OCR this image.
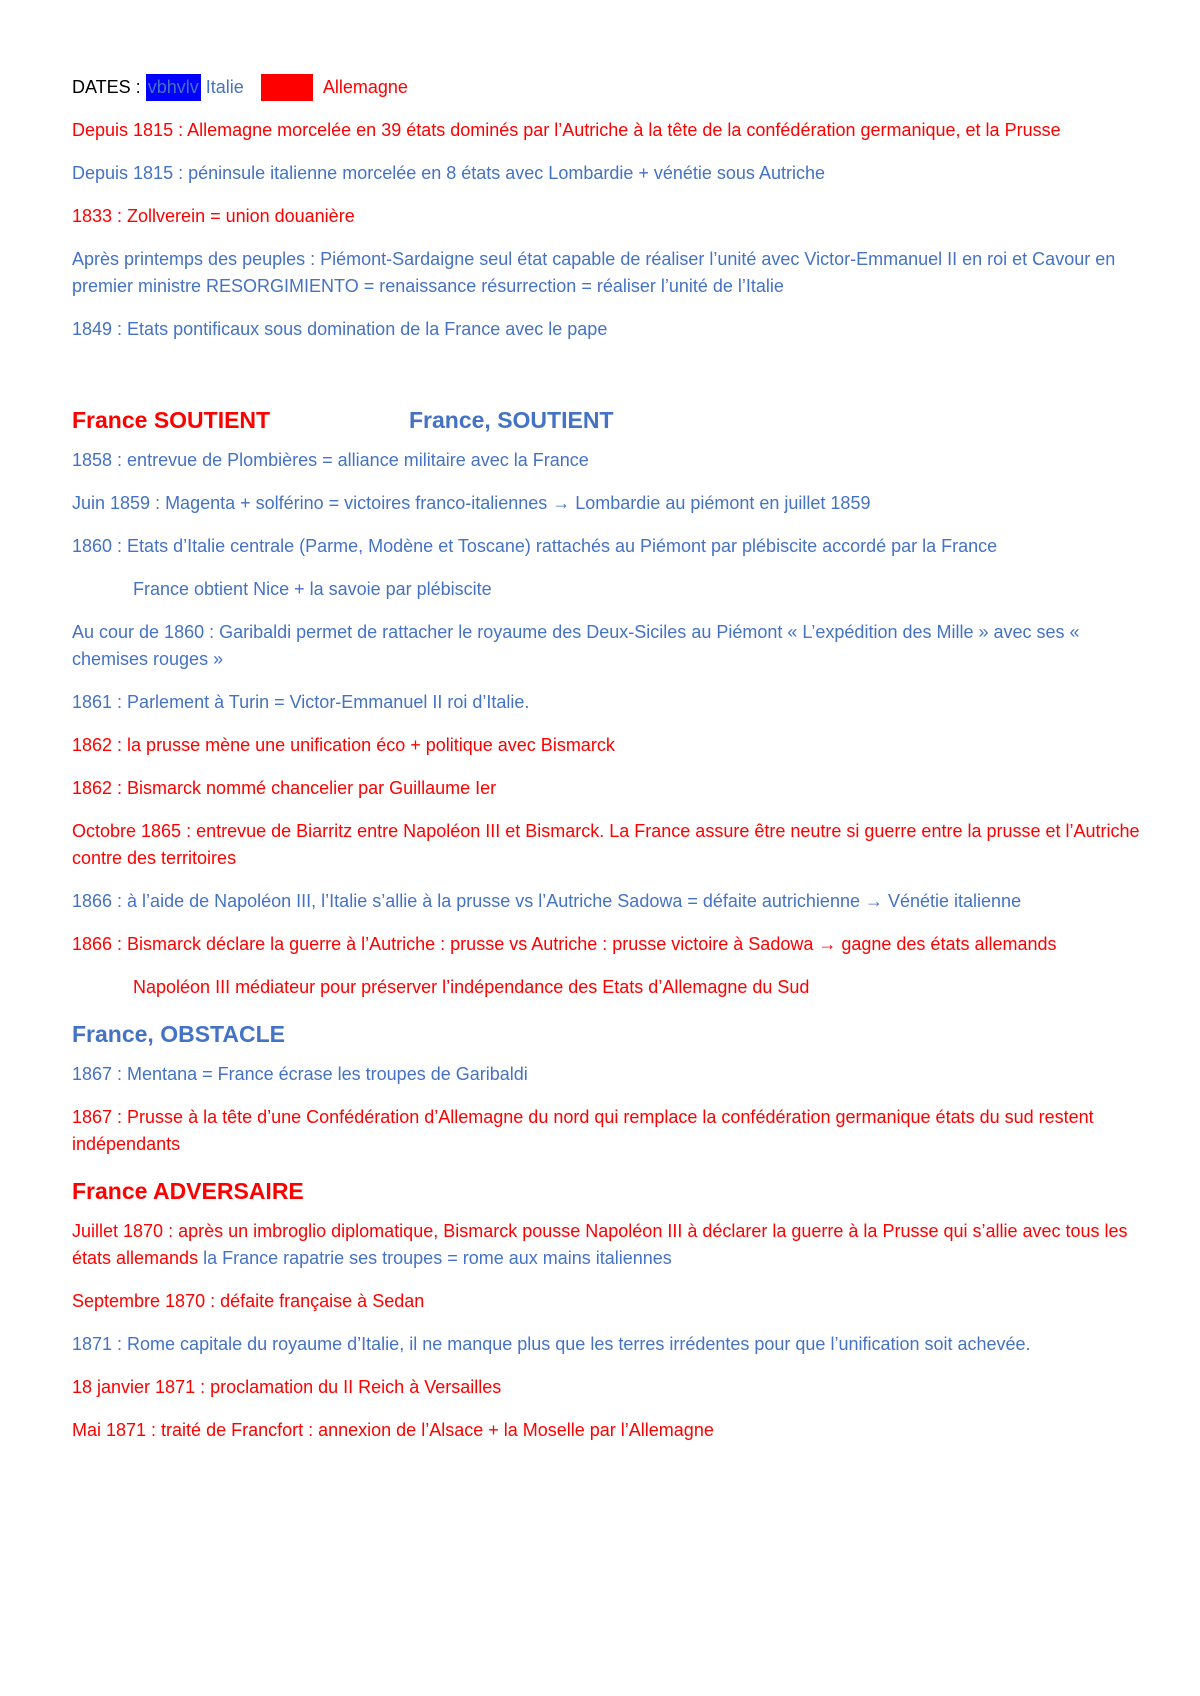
DATES : vbhvlv Italie	Allemagne

Depuis 1815 : Allemagne morcelée en 39 états dominés par l’Autriche à la tête de la confédération germanique, et la Prusse

Depuis 1815 : péninsule italienne morcelée en 8 états avec Lombardie + vénétie sous Autriche

1833 : Zollverein = union douanière

Après printemps des peuples : Piémont-Sardaigne seul état capable de réaliser l’unité avec Victor-Emmanuel II en roi et Cavour en premier ministre RESORGIMIENTO = renaissance résurrection = réaliser l’unité de l’Italie

1849 : Etats pontificaux sous domination de la France avec le pape

France SOUTIENT	France, SOUTIENT

1858 : entrevue de Plombières = alliance militaire avec la France

Juin 1859 : Magenta + solférino = victoires franco-italiennes → Lombardie au piémont en juillet 1859

1860 : Etats d’Italie centrale (Parme, Modène et Toscane) rattachés au Piémont par plébiscite accordé par la France

France obtient Nice + la savoie par plébiscite

Au cour de 1860 : Garibaldi permet de rattacher le royaume des Deux-Siciles au Piémont « L’expédition des Mille » avec ses « chemises rouges »

1861 : Parlement à Turin = Victor-Emmanuel II roi d’Italie.

1862 : la prusse mène une unification éco + politique avec Bismarck

1862 : Bismarck nommé chancelier par Guillaume Ier

Octobre 1865 : entrevue de Biarritz entre Napoléon III et Bismarck. La France assure être neutre si guerre entre la prusse et l’Autriche contre des territoires

1866 : à l’aide de Napoléon III, l’Italie s’allie à la prusse vs l’Autriche Sadowa = défaite autrichienne → Vénétie italienne

1866 : Bismarck déclare la guerre à l’Autriche : prusse vs Autriche : prusse victoire à Sadowa → gagne des états allemands

Napoléon III médiateur pour préserver l’indépendance des Etats d’Allemagne du Sud

France, OBSTACLE

1867 : Mentana = France écrase les troupes de Garibaldi

1867 : Prusse à la tête d’une Confédération d’Allemagne du nord qui remplace la confédération germanique états du sud restent indépendants

France ADVERSAIRE

Juillet 1870 : après un imbroglio diplomatique, Bismarck pousse Napoléon III à déclarer la guerre à la Prusse qui s’allie avec tous les états allemands la France rapatrie ses troupes = rome aux mains italiennes

Septembre 1870 : défaite française à Sedan

1871 : Rome capitale du royaume d’Italie, il ne manque plus que les terres irrédentes pour que l’unification soit achevée.

18 janvier 1871 : proclamation du II Reich à Versailles

Mai 1871 : traité de Francfort : annexion de l’Alsace + la Moselle par l’Allemagne
